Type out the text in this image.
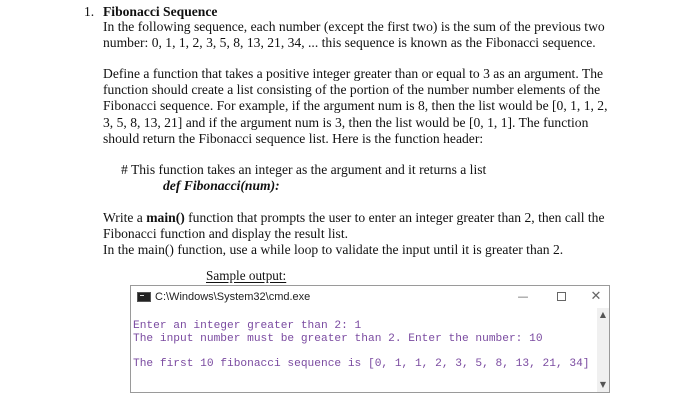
1. Fibonacci Sequence
In the following sequence, each number (except the first two) is the sum of the previous two
number: 0, 1, 1, 2, 3, 5, 8, 13, 21, 34, ... this sequence is known as the Fibonacci sequence.
Define a function that takes a positive integer greater than or equal to 3 as an argument. The
function should create a list consisting of the portion of the number number elements of the
Fibonacci sequence. For example, if the argument num is 8, then the list would be [0, 1, 1, 2,
3, 5, 8, 13, 21] and if the argument num is 3, then the list would be [0, 1, 1]. The function
should return the Fibonacci sequence list. Here is the function header:
# This function takes an integer as the argument and it returns a list
def Fibonacci(num):
Write a main() function that prompts the user to enter an integer greater than 2, then call the
Fibonacci function and display the result list.
In the main() function, use a while loop to validate the input until it is greater than 2.
Sample output:
C:\Windows\System32\cmd.exe	—	✕
Enter an integer greater than 2: 1
The input number must be greater than 2. Enter the number: 10
The first 10 fibonacci sequence is [0, 1, 1, 2, 3, 5, 8, 13, 21, 34]
▲
▼
